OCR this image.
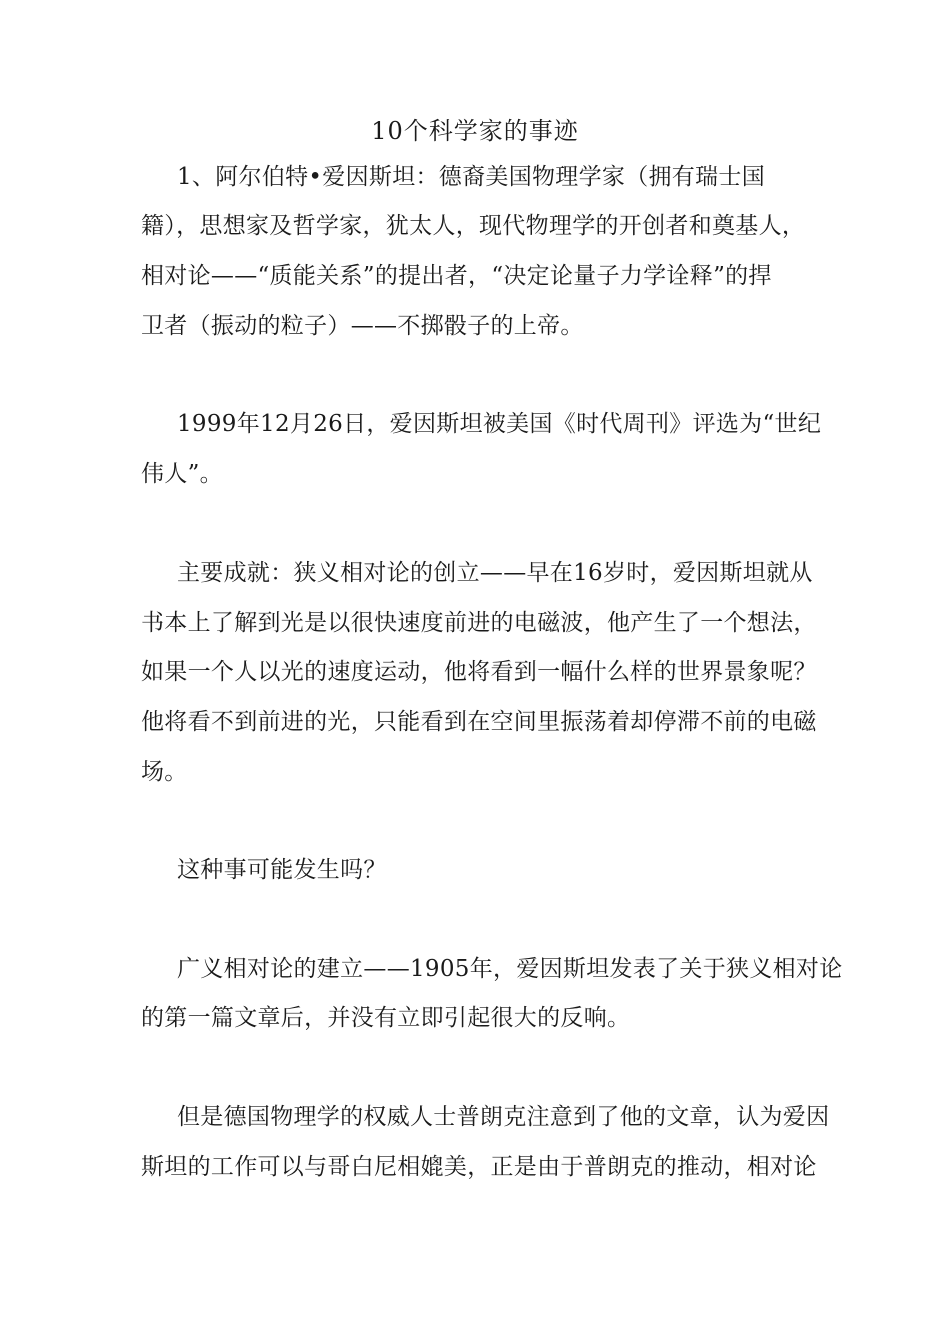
10个科学家的事迹
1、阿尔伯特•爱因斯坦：德裔美国物理学家（拥有瑞士国
籍），思想家及哲学家，犹太人，现代物理学的开创者和奠基人，
相对论——“质能关系”的提出者，“决定论量子力学诠释”的捍
卫者（振动的粒子）——不掷骰子的上帝。
1999年12月26日，爱因斯坦被美国《时代周刊》评选为“世纪
伟人”。
主要成就：狭义相对论的创立——早在16岁时，爱因斯坦就从
书本上了解到光是以很快速度前进的电磁波，他产生了一个想法，
如果一个人以光的速度运动，他将看到一幅什么样的世界景象呢？
他将看不到前进的光，只能看到在空间里振荡着却停滞不前的电磁
场。
这种事可能发生吗？
广义相对论的建立——1905年，爱因斯坦发表了关于狭义相对论
的第一篇文章后，并没有立即引起很大的反响。
但是德国物理学的权威人士普朗克注意到了他的文章，认为爱因
斯坦的工作可以与哥白尼相媲美，正是由于普朗克的推动，相对论
